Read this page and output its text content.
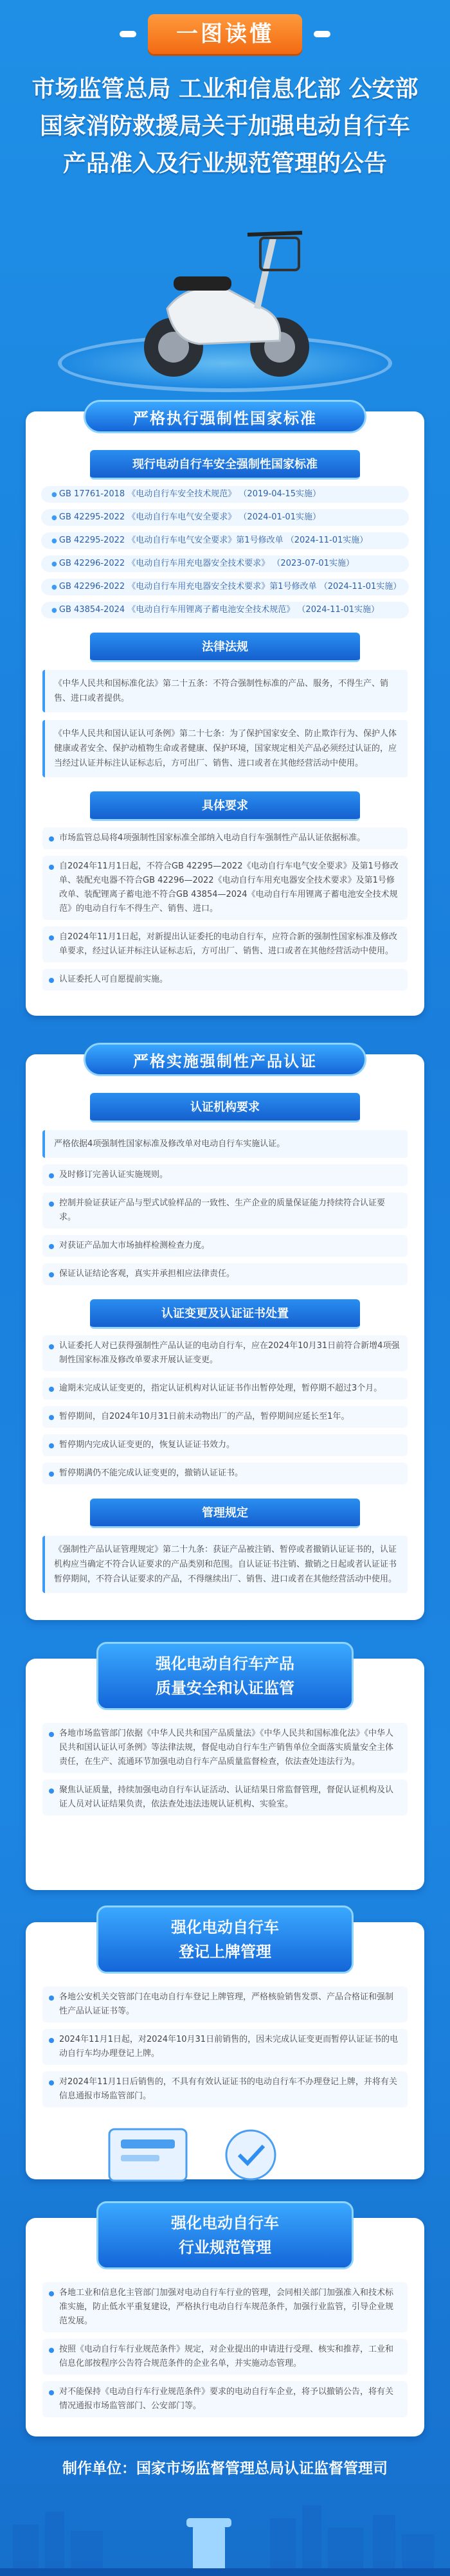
一图读懂
市场监管总局 工业和信息化部 公安部
国家消防救援局关于加强电动自行车
产品准入及行业规范管理的公告
严格执行强制性国家标准
现行电动自行车安全强制性国家标准
● GB 17761-2018 《电动自行车安全技术规范》 （2019-04-15实施）
● GB 42295-2022 《电动自行车电气安全要求》 （2024-01-01实施）
● GB 42295-2022 《电动自行车电气安全要求》第1号修改单 （2024-11-01实施）
● GB 42296-2022 《电动自行车用充电器安全技术要求》 （2023-07-01实施）
● GB 42296-2022 《电动自行车用充电器安全技术要求》第1号修改单 （2024-11-01实施）
● GB 43854-2024 《电动自行车用锂离子蓄电池安全技术规范》 （2024-11-01实施）
法律法规
《中华人民共和国标准化法》第二十五条：不符合强制性标准的产品、服务，不得生产、销售、进口或者提供。
《中华人民共和国认证认可条例》第二十七条：为了保护国家安全、防止欺诈行为、保护人体健康或者安全、保护动植物生命或者健康、保护环境，国家规定相关产品必须经过认证的，应当经过认证并标注认证标志后，方可出厂、销售、进口或者在其他经营活动中使用。
具体要求
市场监管总局将4项强制性国家标准全部纳入电动自行车强制性产品认证依据标准。
自2024年11月1日起，不符合GB 42295—2022《电动自行车电气安全要求》及第1号修改单、装配充电器不符合GB 42296—2022《电动自行车用充电器安全技术要求》及第1号修改单、装配锂离子蓄电池不符合GB 43854—2024《电动自行车用锂离子蓄电池安全技术规范》的电动自行车不得生产、销售、进口。
自2024年11月1日起，对新提出认证委托的电动自行车，应符合新的强制性国家标准及修改单要求，经过认证并标注认证标志后，方可出厂、销售、进口或者在其他经营活动中使用。
认证委托人可自愿提前实施。
严格实施强制性产品认证
认证机构要求
严格依据4项强制性国家标准及修改单对电动自行车实施认证。
及时修订完善认证实施规则。
控制并验证获证产品与型式试验样品的一致性、生产企业的质量保证能力持续符合认证要求。
对获证产品加大市场抽样检测检查力度。
保证认证结论客观，真实并承担相应法律责任。
认证变更及认证证书处置
认证委托人对已获得强制性产品认证的电动自行车，应在2024年10月31日前符合新增4项强制性国家标准及修改单要求开展认证变更。
逾期未完成认证变更的，指定认证机构对认证证书作出暂停处理，暂停期不超过3个月。
暂停期间，自2024年10月31日前未动物出厂的产品，暂停期间应延长至1年。
暂停期内完成认证变更的，恢复认证证书效力。
暂停期满仍不能完成认证变更的，撤销认证证书。
管理规定
《强制性产品认证管理规定》第二十九条：获证产品被注销、暂停或者撤销认证证书的，认证机构应当确定不符合认证要求的产品类别和范围。自认证证书注销、撤销之日起或者认证证书暂停期间，不符合认证要求的产品，不得继续出厂、销售、进口或者在其他经营活动中使用。
强化电动自行车产品
质量安全和认证监管
各地市场监管部门依据《中华人民共和国产品质量法》《中华人民共和国标准化法》《中华人民共和国认证认可条例》等法律法规，督促电动自行车生产销售单位全面落实质量安全主体责任，在生产、流通环节加强电动自行车产品质量监督检查，依法查处违法行为。
聚焦认证质量，持续加强电动自行车认证活动、认证结果日常监督管理，督促认证机构及认证人员对认证结果负责，依法查处违法违规认证机构、实验室。
强化电动自行车
登记上牌管理
各地公安机关交管部门在电动自行车登记上牌管理，严格核验销售发票、产品合格证和强制性产品认证证书等。
2024年11月1日起，对2024年10月31日前销售的，因未完成认证变更而暂停认证证书的电动自行车均办理登记上牌。
对2024年11月1日后销售的，不具有有效认证证书的电动自行车不办理登记上牌，并将有关信息通报市场监管部门。
强化电动自行车
行业规范管理
各地工业和信息化主管部门加强对电动自行车行业的管理，会同相关部门加强准入和技术标准实施，防止低水平重复建设，严格执行电动自行车规范条件，加强行业监管，引导企业规范发展。
按照《电动自行车行业规范条件》规定，对企业提出的申请进行受理、核实和推荐，工业和信息化部按程序公告符合规范条件的企业名单，并实施动态管理。
对不能保持《电动自行车行业规范条件》要求的电动自行车企业，将予以撤销公告，将有关情况通报市场监管部门、公安部门等。
制作单位：国家市场监督管理总局认证监督管理司
